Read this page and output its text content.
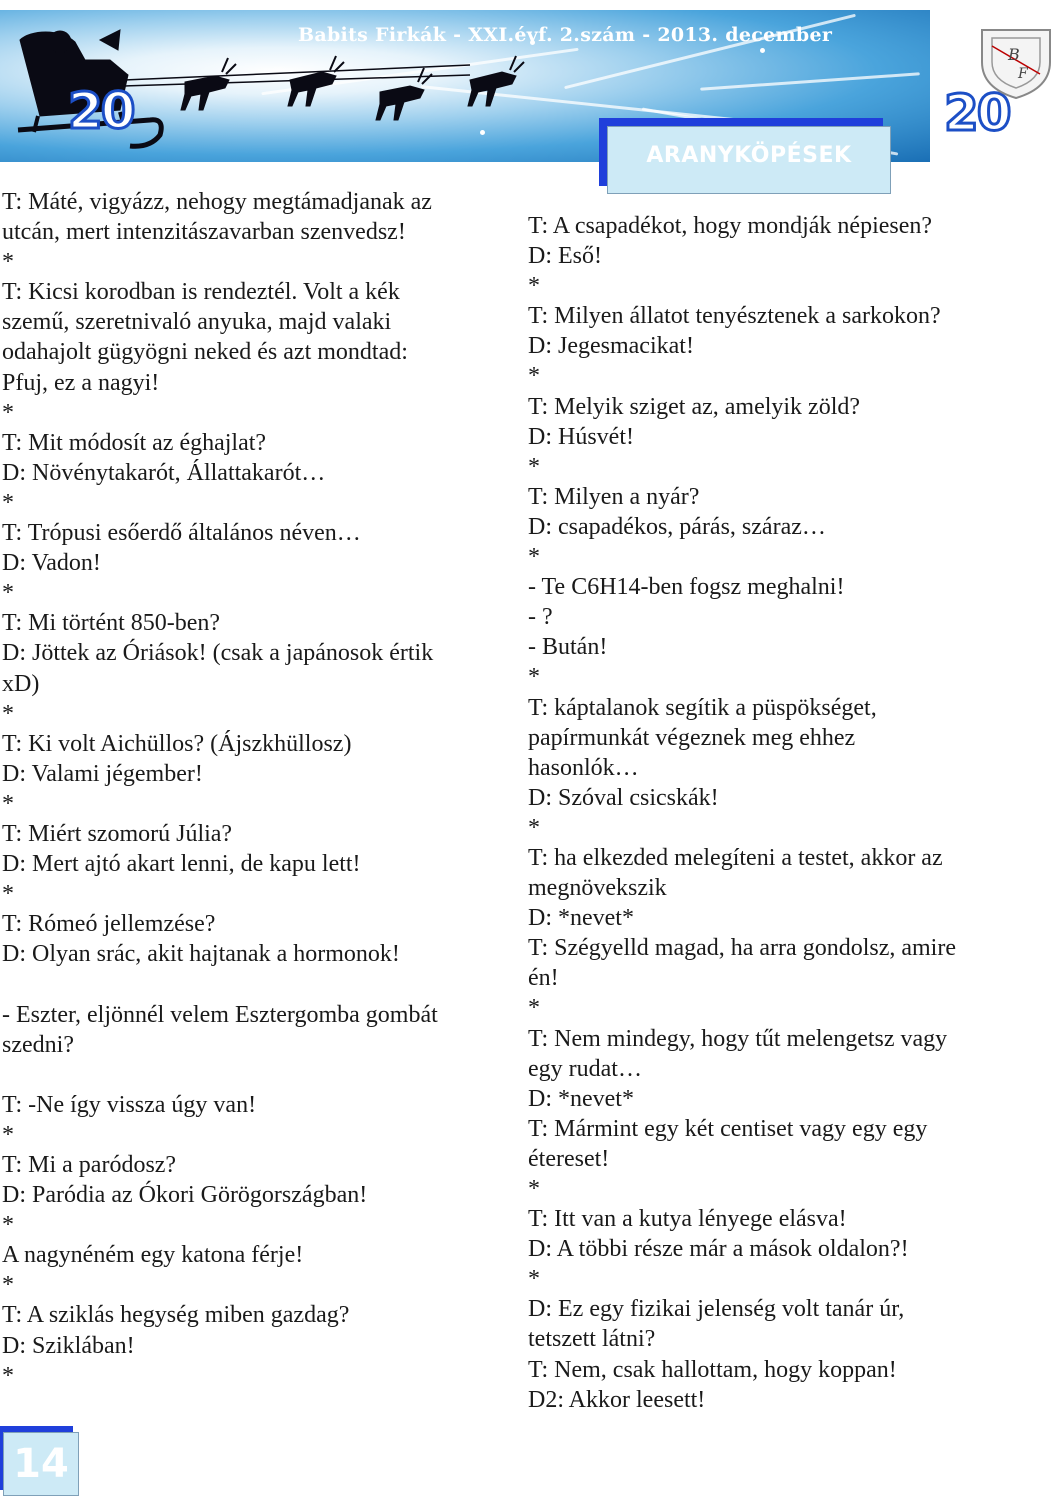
Babits Firkák - XXI.évf. 2.szám - 2013. december
20	20
B
F
ARANYKÖPÉSEK
T: Máté, vigyázz, nehogy megtámadjanak az
utcán, mert intenzitászavarban szenvedsz!
*
T: Kicsi korodban is rendeztél. Volt a kék
szemű, szeretnivaló anyuka, majd valaki
odahajolt gügyögni neked és azt mondtad:
Pfuj, ez a nagyi!
*
T: Mit módosít az éghajlat?
D: Növénytakarót, Állattakarót…
*
T: Trópusi esőerdő általános néven…
D: Vadon!
*
T: Mi történt 850-ben?
D: Jöttek az Óriások! (csak a japánosok értik
xD)
*
T: Ki volt Aichüllos? (Ájszkhüllosz)
D: Valami jégember!
*
T: Miért szomorú Júlia?
D: Mert ajtó akart lenni, de kapu lett!
*
T: Rómeó jellemzése?
D: Olyan srác, akit hajtanak a hormonok!
- Eszter, eljönnél velem Esztergomba gombát
szedni?
T: -Ne így vissza úgy van!
*
T: Mi a paródosz?
D: Paródia az Ókori Görögországban!
*
A nagynéném egy katona férje!
*
T: A sziklás hegység miben gazdag?
D: Sziklában!
*
T: A csapadékot, hogy mondják népiesen?
D: Eső!
*
T: Milyen állatot tenyésztenek a sarkokon?
D: Jegesmacikat!
*
T: Melyik sziget az, amelyik zöld?
D: Húsvét!
*
T: Milyen a nyár?
D: csapadékos, párás, száraz…
*
- Te C6H14-ben fogsz meghalni!
- ?
- Bután!
*
T: káptalanok segítik a püspökséget,
papírmunkát végeznek meg ehhez
hasonlók…
D: Szóval csicskák!
*
T: ha elkezded melegíteni a testet, akkor az
megnövekszik
D: *nevet*
T: Szégyelld magad, ha arra gondolsz, amire
én!
*
T: Nem mindegy, hogy tűt melengetsz vagy
egy rudat…
D: *nevet*
T: Mármint egy két centiset vagy egy egy
étereset!
*
T: Itt van a kutya lényege elásva!
D: A többi része már a mások oldalon?!
*
D: Ez egy fizikai jelenség volt tanár úr,
tetszett látni?
T: Nem, csak hallottam, hogy koppan!
D2: Akkor leesett!
14
